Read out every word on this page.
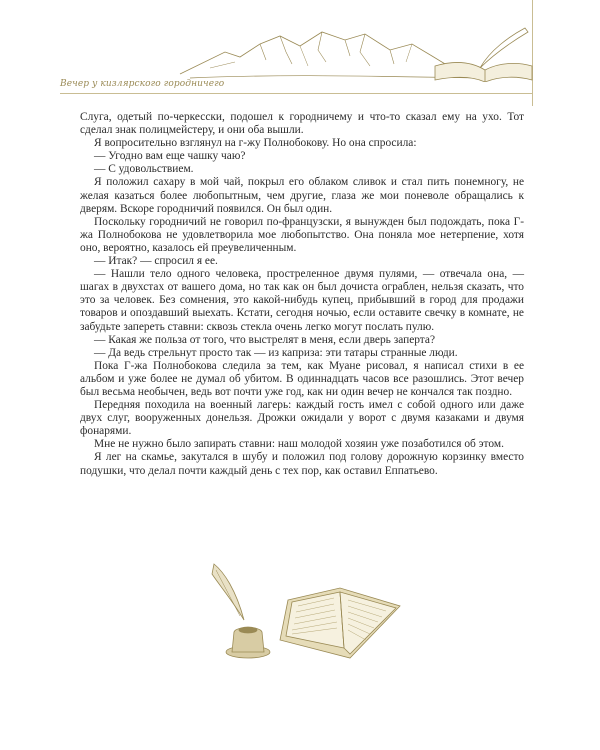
Вечер у кизлярского городничего

Слуга, одетый по-черкесски, подошел к городничему и что-то сказал ему на ухо. Тот сделал знак полицмейстеру, и они оба вышли.

Я вопросительно взглянул на г-жу Полнобокову. Но она спросила:

— Угодно вам еще чашку чаю?

— С удовольствием.

Я положил сахару в мой чай, покрыл его облаком сливок и стал пить понемногу, не желая казаться более любопытным, чем другие, глаза же мои поневоле обращались к дверям. Вскоре городничий появился. Он был один.

Поскольку городничий не говорил по-французски, я вынужден был подождать, пока Г-жа Полнобокова не удовлетворила мое любопытство. Она поняла мое нетерпение, хотя оно, вероятно, казалось ей преувеличенным.

— Итак? — спросил я ее.

— Нашли тело одного человека, простреленное двумя пулями, — отвечала она, — шагах в двухстах от вашего дома, но так как он был дочиста ограблен, нельзя сказать, что это за человек. Без сомнения, это какой-нибудь купец, прибывший в город для продажи товаров и опоздавший выехать. Кстати, сегодня ночью, если оставите свечку в комнате, не забудьте запереть ставни: сквозь стекла очень легко могут послать пулю.

— Какая же польза от того, что выстрелят в меня, если дверь заперта?

— Да ведь стрельнут просто так — из каприза: эти татары странные люди.

Пока Г-жа Полнобокова следила за тем, как Муане рисовал, я написал стихи в ее альбом и уже более не думал об убитом. В одиннадцать часов все разошлись. Этот вечер был весьма необычен, ведь вот почти уже год, как ни один вечер не кончался так поздно.

Передняя походила на военный лагерь: каждый гость имел с собой одного или даже двух слуг, вооруженных донельзя. Дрожки ожидали у ворот с двумя казаками и двумя фонарями.

Мне не нужно было запирать ставни: наш молодой хозяин уже позаботился об этом.

Я лег на скамье, закутался в шубу и положил под голову дорожную корзинку вместо подушки, что делал почти каждый день с тех пор, как оставил Еппатьево.
